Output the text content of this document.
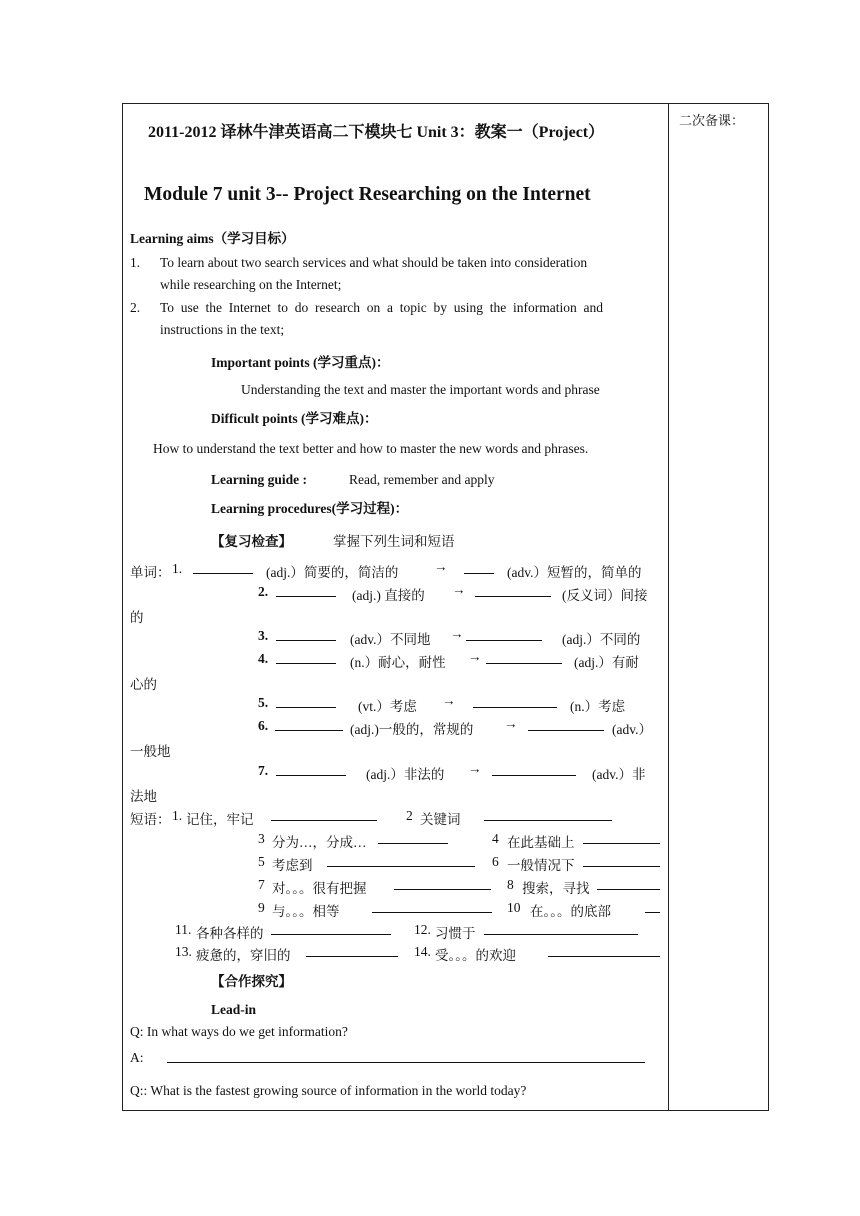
二次备课：
2011-2012 译林牛津英语高二下模块七 Unit 3：教案一（Project）
Module 7 unit 3-- Project Researching on the Internet
Learning aims（学习目标）
1. To learn about two search services and what should be taken into consideration
while researching on the Internet;
2. To  use  the  Internet  to  do  research  on  a  topic  by  using  the  information  and
instructions in the text;
Important points (学习重点)：
Understanding the text and master the important words and phrase
Difficult points (学习难点)：
How to understand the text better and how to master the new words and phrases.
Learning guide :	Read, remember and apply
Learning procedures(学习过程)：
【复习检查】	掌握下列生词和短语
单词： 1.	(adj.）简要的，简洁的	→	(adv.）短暂的，简单的
2.	(adj.) 直接的 →	(反义词）间接
的
3.	(adv.）不同地 →	(adj.）不同的
4.	(n.）耐心，耐性 →	(adj.）有耐
心的
5.	(vt.）考虑 →	(n.）考虑
6.	(adj.)一般的，常规的 →	(adv.）
一般地
7.	(adj.）非法的 →	(adv.）非
法地
短语： 1. 记住，牢记	2 关键词
3 分为…，分成…	4 在此基础上
5 考虑到	6 一般情况下
7 对。。。很有把握	8 搜索，寻找
9 与。。。相等	10 在。。。的底部
11. 各种各样的	12. 习惯于
13. 疲惫的，穿旧的	14. 受。。。的欢迎
【合作探究】
Lead-in
Q: In what ways do we get information?
A:
Q:: What is the fastest growing source of information in the world today?
